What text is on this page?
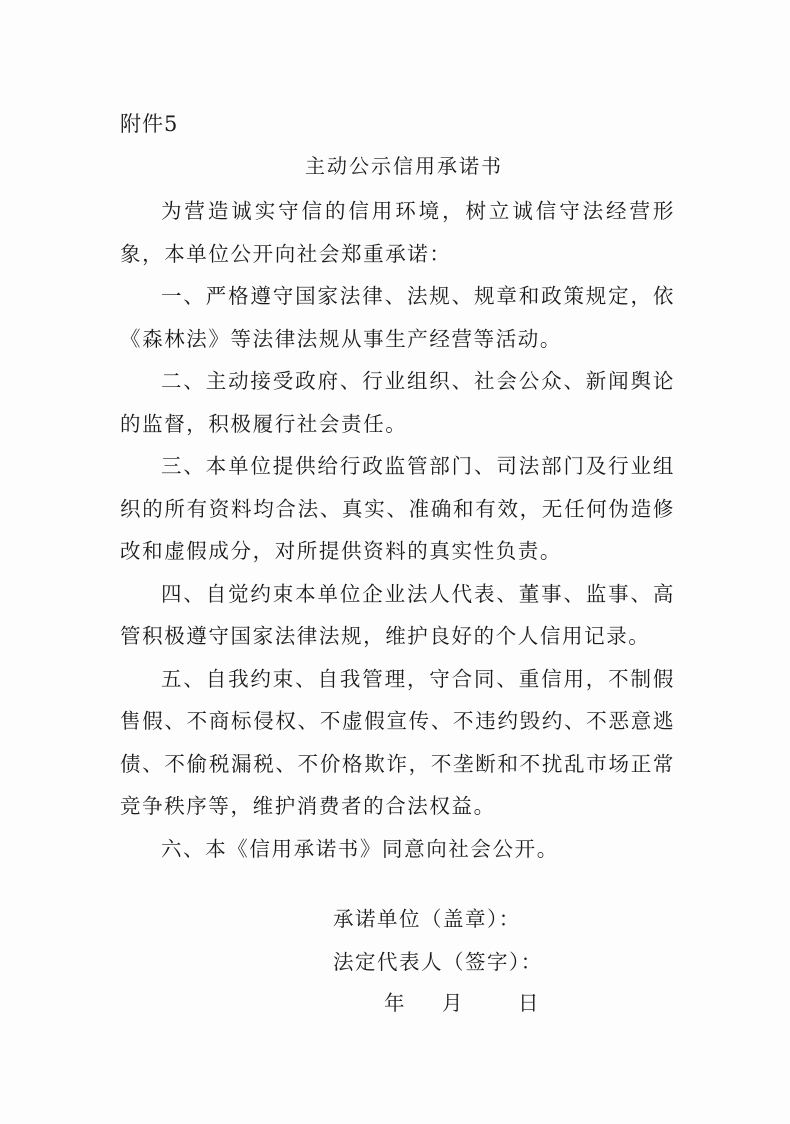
附件5
主动公示信用承诺书

为营造诚实守信的信用环境，树立诚信守法经营形象，本单位公开向社会郑重承诺：

一、严格遵守国家法律、法规、规章和政策规定，依《森林法》等法律法规从事生产经营等活动。

二、主动接受政府、行业组织、社会公众、新闻舆论的监督，积极履行社会责任。

三、本单位提供给行政监管部门、司法部门及行业组织的所有资料均合法、真实、准确和有效，无任何伪造修改和虚假成分，对所提供资料的真实性负责。

四、自觉约束本单位企业法人代表、董事、监事、高管积极遵守国家法律法规，维护良好的个人信用记录。

五、自我约束、自我管理，守合同、重信用，不制假售假、不商标侵权、不虚假宣传、不违约毁约、不恶意逃债、不偷税漏税、不价格欺诈，不垄断和不扰乱市场正常竞争秩序等，维护消费者的合法权益。

六、本《信用承诺书》同意向社会公开。

承诺单位（盖章）：
法定代表人（签字）：
年	月	日
